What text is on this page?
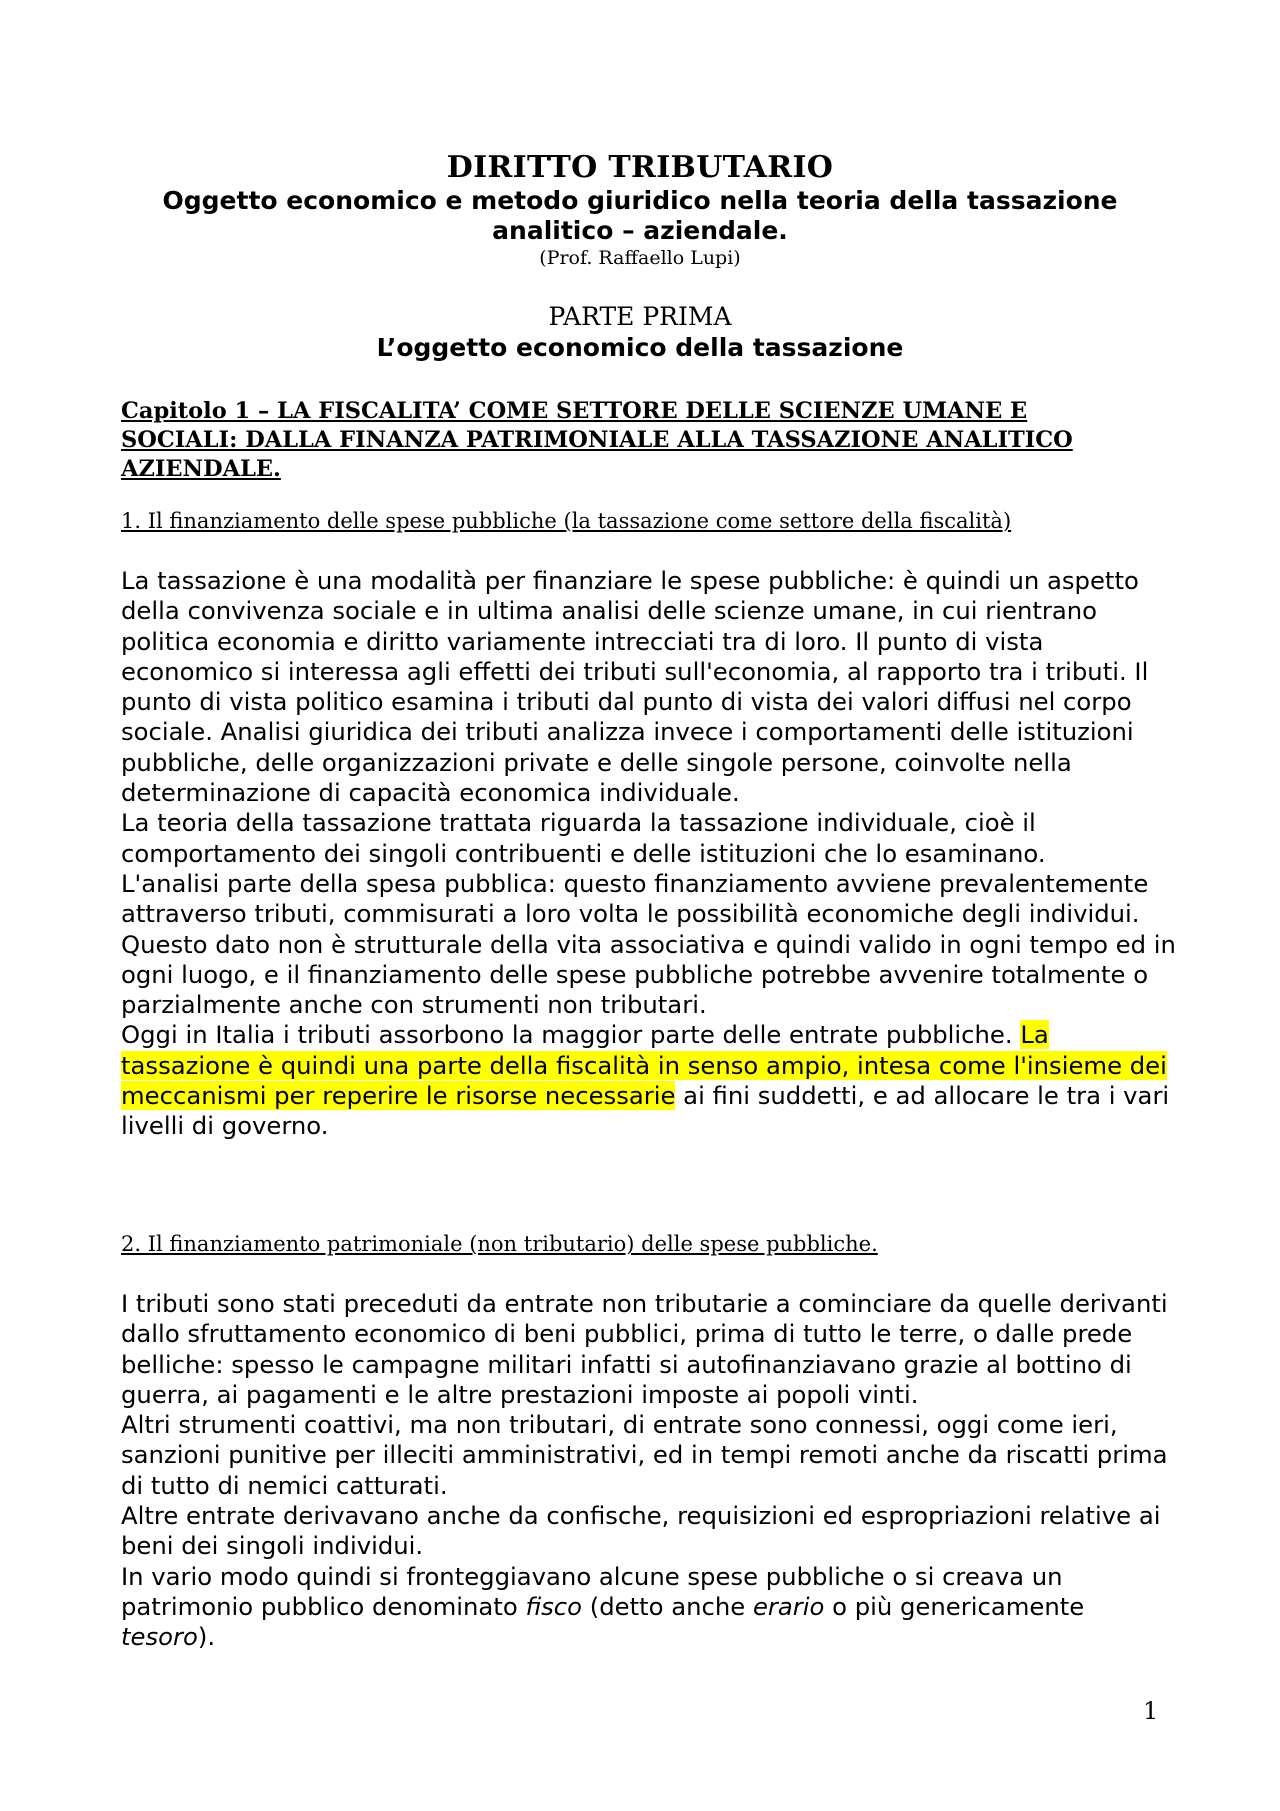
DIRITTO TRIBUTARIO
Oggetto economico e metodo giuridico nella teoria della tassazione
analitico – aziendale.
(Prof. Raffaello Lupi)
PARTE PRIMA
L’oggetto economico della tassazione
Capitolo 1 – LA FISCALITA’ COME SETTORE DELLE SCIENZE UMANE E
SOCIALI: DALLA FINANZA PATRIMONIALE ALLA TASSAZIONE ANALITICO
AZIENDALE.
1. Il finanziamento delle spese pubbliche (la tassazione come settore della fiscalità)

La tassazione è una modalità per finanziare le spese pubbliche: è quindi un aspetto della convivenza sociale e in ultima analisi delle scienze umane, in cui rientrano politica economia e diritto variamente intrecciati tra di loro. Il punto di vista economico si interessa agli effetti dei tributi sull'economia, al rapporto tra i tributi. Il punto di vista politico esamina i tributi dal punto di vista dei valori diffusi nel corpo sociale. Analisi giuridica dei tributi analizza invece i comportamenti delle istituzioni pubbliche, delle organizzazioni private e delle singole persone, coinvolte nella determinazione di capacità economica individuale.

La teoria della tassazione trattata riguarda la tassazione individuale, cioè il comportamento dei singoli contribuenti e delle istituzioni che lo esaminano.

L'analisi parte della spesa pubblica: questo finanziamento avviene prevalentemente attraverso tributi, commisurati a loro volta le possibilità economiche degli individui. Questo dato non è strutturale della vita associativa e quindi valido in ogni tempo ed in ogni luogo, e il finanziamento delle spese pubbliche potrebbe avvenire totalmente o parzialmente anche con strumenti non tributari.

Oggi in Italia i tributi assorbono la maggior parte delle entrate pubbliche. La tassazione è quindi una parte della fiscalità in senso ampio, intesa come l'insieme dei meccanismi per reperire le risorse necessarie ai fini suddetti, e ad allocare le tra i vari livelli di governo.

2. Il finanziamento patrimoniale (non tributario) delle spese pubbliche.

I tributi sono stati preceduti da entrate non tributarie a cominciare da quelle derivanti dallo sfruttamento economico di beni pubblici, prima di tutto le terre, o dalle prede belliche: spesso le campagne militari infatti si autofinanziavano grazie al bottino di guerra, ai pagamenti e le altre prestazioni imposte ai popoli vinti.

Altri strumenti coattivi, ma non tributari, di entrate sono connessi, oggi come ieri, sanzioni punitive per illeciti amministrativi, ed in tempi remoti anche da riscatti prima di tutto di nemici catturati.

Altre entrate derivavano anche da confische, requisizioni ed espropriazioni relative ai beni dei singoli individui.

In vario modo quindi si fronteggiavano alcune spese pubbliche o si creava un patrimonio pubblico denominato fisco (detto anche erario o più genericamente tesoro).

1
